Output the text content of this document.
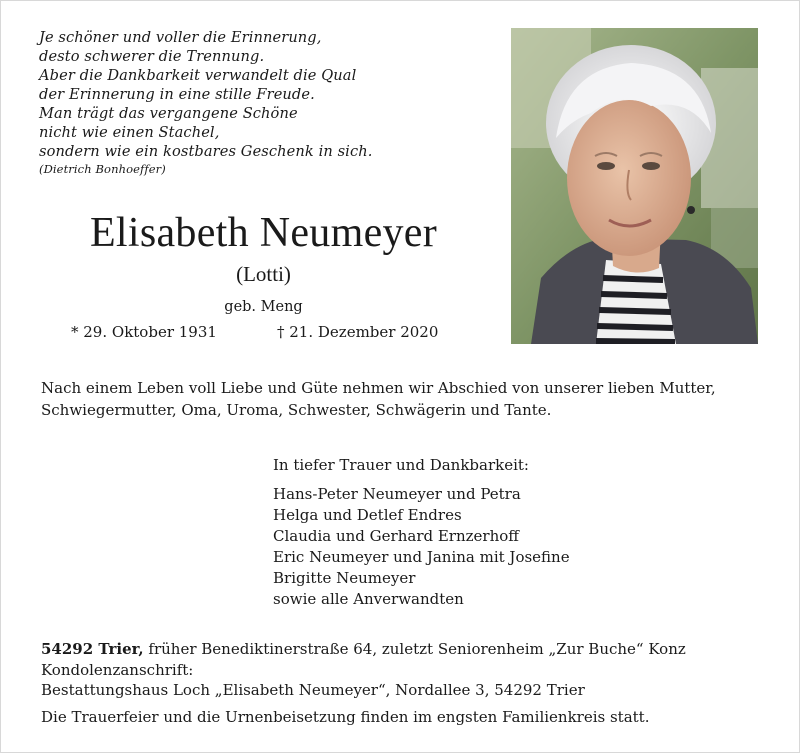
Je schöner und voller die Erinnerung,
desto schwerer die Trennung.
Aber die Dankbarkeit verwandelt die Qual
der Erinnerung in eine stille Freude.
Man trägt das vergangene Schöne
nicht wie einen Stachel,
sondern wie ein kostbares Geschenk in sich.
(Dietrich Bonhoeffer)
Elisabeth Neumeyer
(Lotti)
geb. Meng
* 29. Oktober 1931	† 21. Dezember 2020
Nach einem Leben voll Liebe und Güte nehmen wir Abschied von unserer lieben Mutter,
Schwiegermutter, Oma, Uroma, Schwester, Schwägerin und Tante.
In tiefer Trauer und Dankbarkeit:
Hans-Peter Neumeyer und Petra
Helga und Detlef Endres
Claudia und Gerhard Ernzerhoff
Eric Neumeyer und Janina mit Josefine
Brigitte Neumeyer
sowie alle Anverwandten
54292 Trier, früher Benediktinerstraße 64, zuletzt Seniorenheim „Zur Buche“ Konz
Kondolenzanschrift:
Bestattungshaus Loch „Elisabeth Neumeyer“, Nordallee 3, 54292 Trier
Die Trauerfeier und die Urnenbeisetzung finden im engsten Familienkreis statt.
